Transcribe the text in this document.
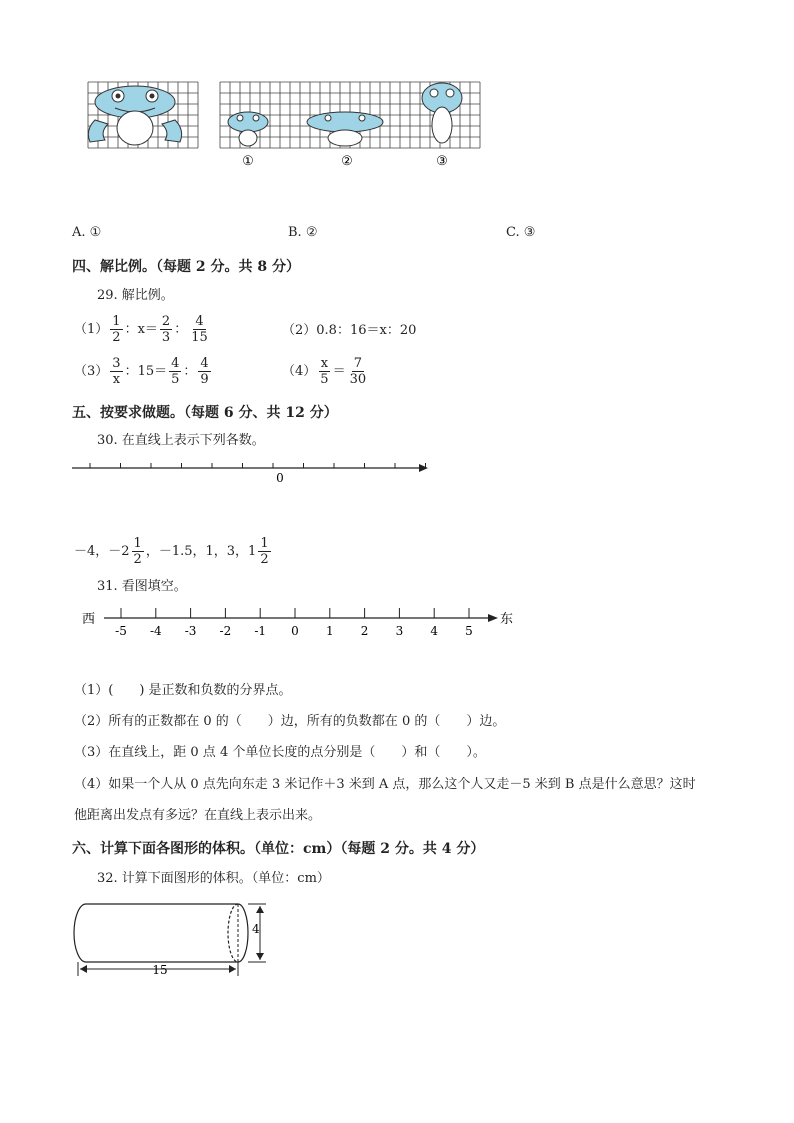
①	②	③
A. ①	B. ②	C. ③
四、解比例。（每题 2 分。共 8 分）
29. 解比例。
$(1) \frac{1}{2}$ ：$x= \frac{2}{3}$ ： $\frac{4}{15}$	（2）0.8：16＝x：20
$(3) \frac{3}{x}$ ：$15= \frac{4}{5}$ ： $\frac{4}{9}$	$(4) \frac{x}{5} = \frac{7}{30}$
五、按要求做题。（每题 6 分、共 12 分）
30. 在直线上表示下列各数。
0
－4，$-2 \frac{1}{2}$ ，－1.5，1，3，$1 \frac{1}{2}$
31. 看图填空。
西	东
-5 -4 -3 -2 -1 0 1 2 3 4 5
（1）(　　) 是正数和负数的分界点。
（2）所有的正数都在 0 的（　　）边，所有的负数都在 0 的（　　）边。
（3）在直线上，距 0 点 4 个单位长度的点分别是（　　）和（　　）。
（4）如果一个人从 0 点先向东走 3 米记作＋3 米到 A 点，那么这个人又走－5 米到 B 点是什么意思？这时
他距离出发点有多远？在直线上表示出来。
六、计算下面各图形的体积。（单位：cm）（每题 2 分。共 4 分）
32. 计算下面图形的体积。（单位：cm）
4
15
